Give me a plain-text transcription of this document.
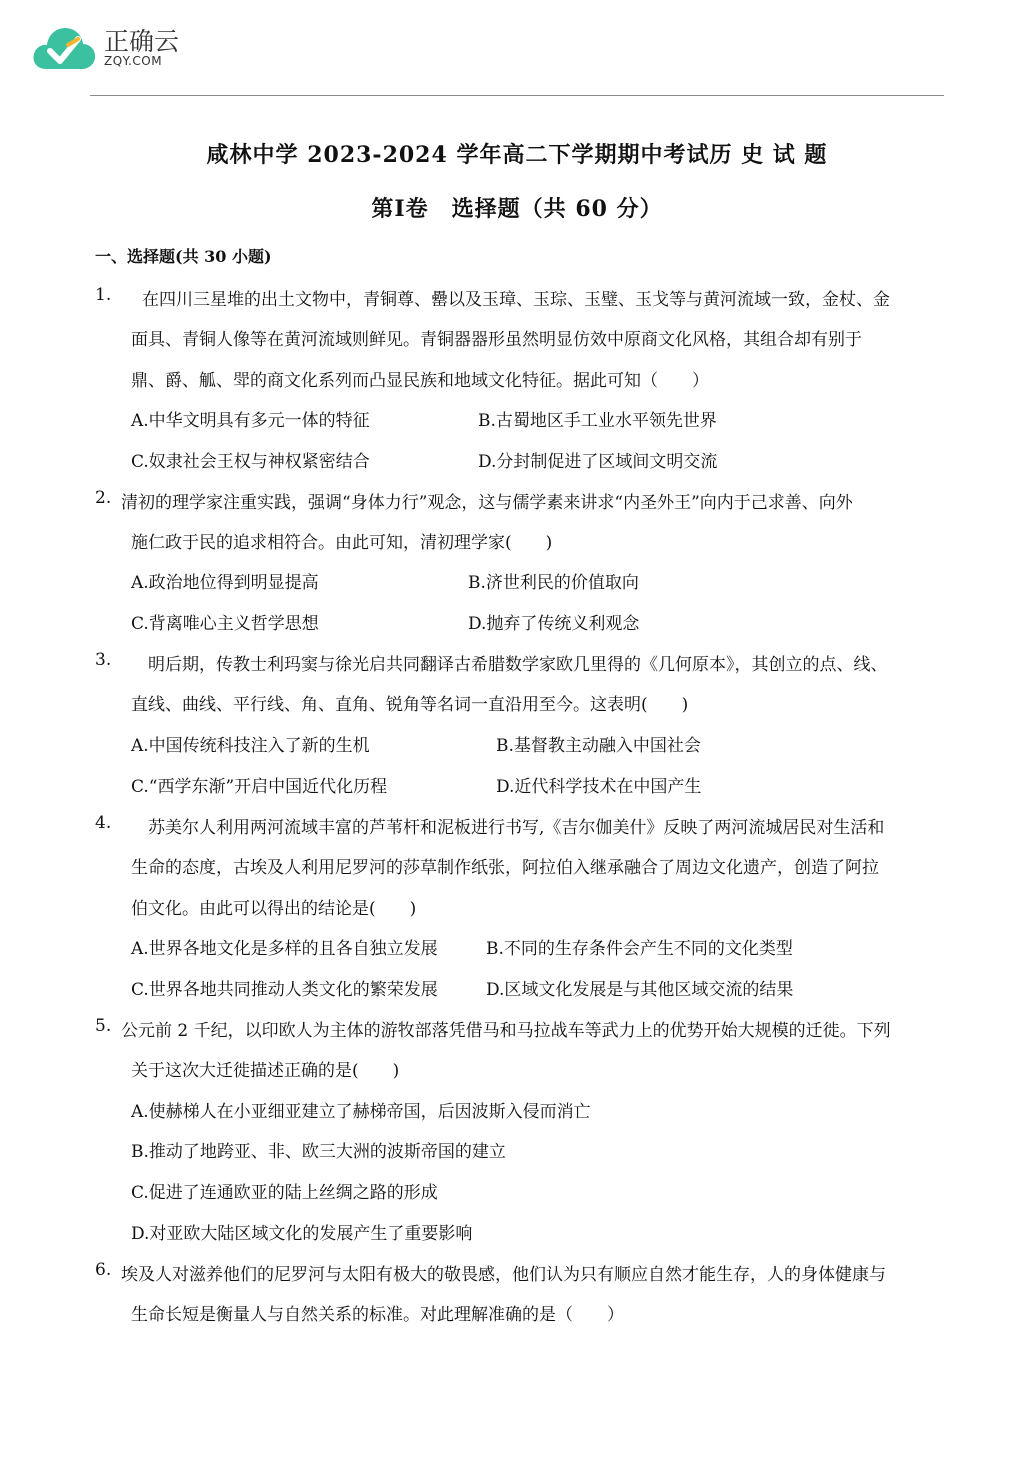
正确云
ZQY.COM
咸林中学 2023-2024 学年高二下学期期中考试历 史 试 题
第Ⅰ卷　选择题（共 60 分）
一、选择题(共 30 小题)
1. 在四川三星堆的出土文物中，青铜尊、罍以及玉璋、玉琮、玉璧、玉戈等与黄河流域一致，金杖、金
面具、青铜人像等在黄河流域则鲜见。青铜器器形虽然明显仿效中原商文化风格，其组合却有别于
鼎、爵、觚、斝的商文化系列而凸显民族和地域文化特征。据此可知（　　）
A.中华文明具有多元一体的特征	B.古蜀地区手工业水平领先世界
C.奴隶社会王权与神权紧密结合	D.分封制促进了区域间文明交流
2. 清初的理学家注重实践，强调“身体力行”观念，这与儒学素来讲求“内圣外王”向内于己求善、向外
施仁政于民的追求相符合。由此可知，清初理学家(　　)
A.政治地位得到明显提高	B.济世利民的价值取向
C.背离唯心主义哲学思想	D.抛弃了传统义利观念
3. 明后期，传教士利玛窦与徐光启共同翻译古希腊数学家欧几里得的《几何原本》，其创立的点、线、
直线、曲线、平行线、角、直角、锐角等名词一直沿用至今。这表明(　　)
A.中国传统科技注入了新的生机	B.基督教主动融入中国社会
C.“西学东渐”开启中国近代化历程	D.近代科学技术在中国产生
4. 苏美尔人利用两河流域丰富的芦苇杆和泥板进行书写,《吉尔伽美什》反映了两河流城居民对生活和
生命的态度，古埃及人利用尼罗河的莎草制作纸张，阿拉伯入继承融合了周边文化遗产，创造了阿拉
伯文化。由此可以得出的结论是(　　)
A.世界各地文化是多样的且各自独立发展	B.不同的生存条件会产生不同的文化类型
C.世界各地共同推动人类文化的繁荣发展	D.区域文化发展是与其他区域交流的结果
5. 公元前 2 千纪，以印欧人为主体的游牧部落凭借马和马拉战车等武力上的优势开始大规模的迁徙。下列
关于这次大迁徙描述正确的是(　　)
A.使赫梯人在小亚细亚建立了赫梯帝国，后因波斯入侵而消亡
B.推动了地跨亚、非、欧三大洲的波斯帝国的建立
C.促进了连通欧亚的陆上丝绸之路的形成
D.对亚欧大陆区域文化的发展产生了重要影响
6. 埃及人对滋养他们的尼罗河与太阳有极大的敬畏感，他们认为只有顺应自然才能生存，人的身体健康与
生命长短是衡量人与自然关系的标准。对此理解准确的是（　　）
